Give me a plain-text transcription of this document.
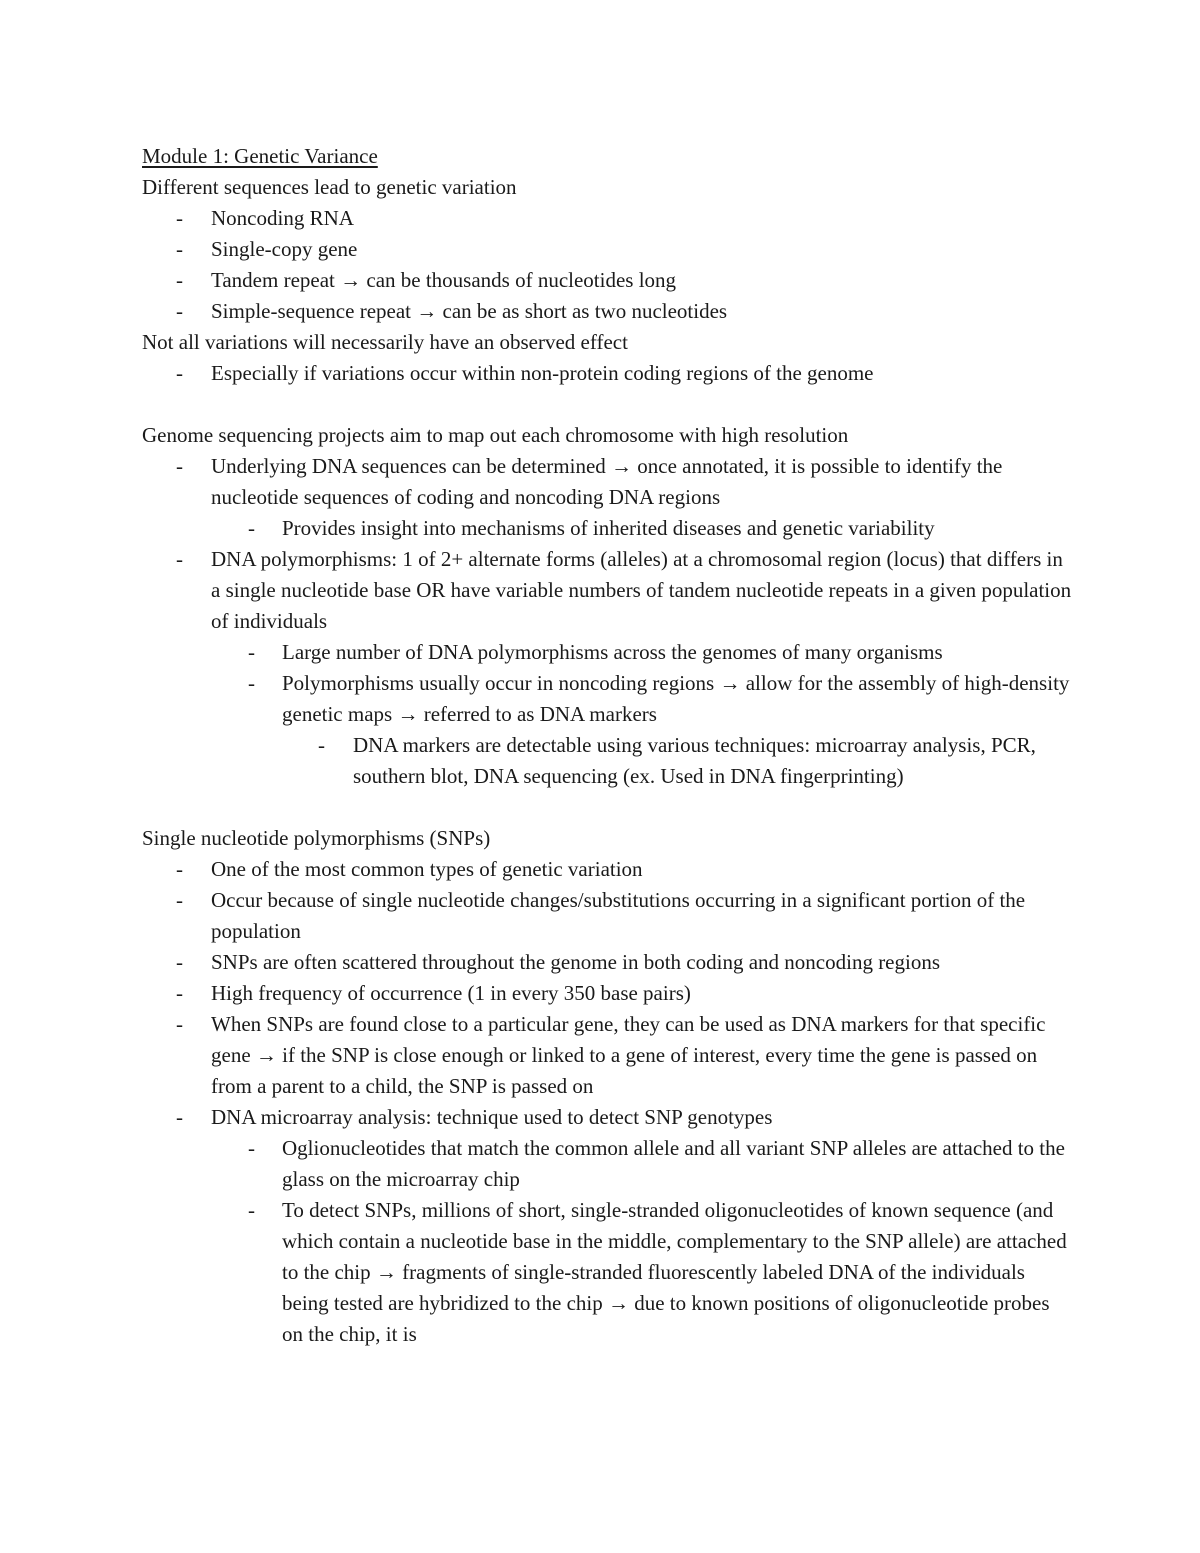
Module 1: Genetic Variance

Different sequences lead to genetic variation

- Noncoding RNA
- Single-copy gene
- Tandem repeat → can be thousands of nucleotides long
- Simple-sequence repeat → can be as short as two nucleotides

Not all variations will necessarily have an observed effect

- Especially if variations occur within non-protein coding regions of the genome

Genome sequencing projects aim to map out each chromosome with high resolution

- Underlying DNA sequences can be determined → once annotated, it is possible to identify the nucleotide sequences of coding and noncoding DNA regions
- Provides insight into mechanisms of inherited diseases and genetic variability
- DNA polymorphisms: 1 of 2+ alternate forms (alleles) at a chromosomal region (locus) that differs in a single nucleotide base OR have variable numbers of tandem nucleotide repeats in a given population of individuals
- Large number of DNA polymorphisms across the genomes of many organisms
- Polymorphisms usually occur in noncoding regions → allow for the assembly of high-density genetic maps → referred to as DNA markers
- DNA markers are detectable using various techniques: microarray analysis, PCR, southern blot, DNA sequencing (ex. Used in DNA fingerprinting)

Single nucleotide polymorphisms (SNPs)

- One of the most common types of genetic variation
- Occur because of single nucleotide changes/substitutions occurring in a significant portion of the population
- SNPs are often scattered throughout the genome in both coding and noncoding regions
- High frequency of occurrence (1 in every 350 base pairs)
- When SNPs are found close to a particular gene, they can be used as DNA markers for that specific gene → if the SNP is close enough or linked to a gene of interest, every time the gene is passed on from a parent to a child, the SNP is passed on
- DNA microarray analysis: technique used to detect SNP genotypes
- Oglionucleotides that match the common allele and all variant SNP alleles are attached to the glass on the microarray chip
- To detect SNPs, millions of short, single-stranded oligonucleotides of known sequence (and which contain a nucleotide base in the middle, complementary to the SNP allele) are attached to the chip → fragments of single-stranded fluorescently labeled DNA of the individuals being tested are hybridized to the chip → due to known positions of oligonucleotide probes on the chip, it is
